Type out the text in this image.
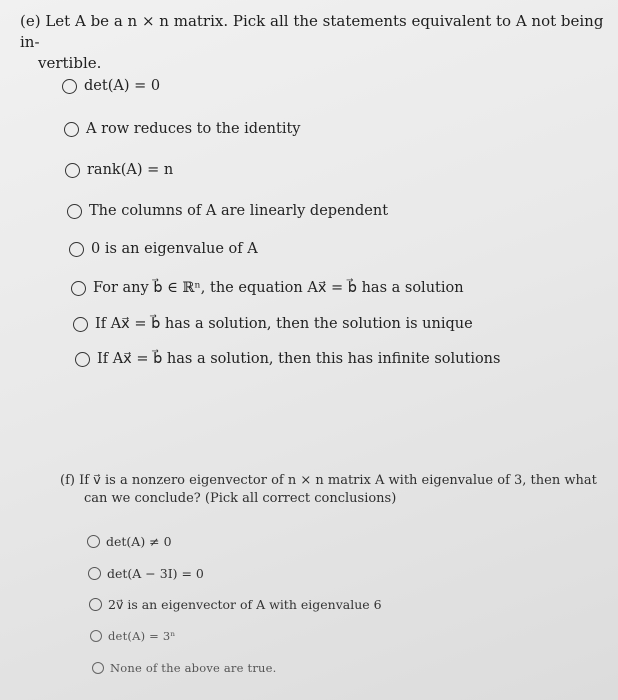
(e) Let A be a n × n matrix. Pick all the statements equivalent to A not being in-
vertible.
det(A) = 0
A row reduces to the identity
rank(A) = n
The columns of A are linearly dependent
0 is an eigenvalue of A
For any b⃗ ∈ ℝⁿ, the equation Ax⃗ = b⃗ has a solution
If Ax⃗ = b⃗ has a solution, then the solution is unique
If Ax⃗ = b⃗ has a solution, then this has infinite solutions
(f) If v⃗ is a nonzero eigenvector of n × n matrix A with eigenvalue of 3, then what
can we conclude? (Pick all correct conclusions)
det(A) ≠ 0
det(A − 3I) = 0
2v⃗ is an eigenvector of A with eigenvalue 6
det(A) = 3ⁿ
None of the above are true.
